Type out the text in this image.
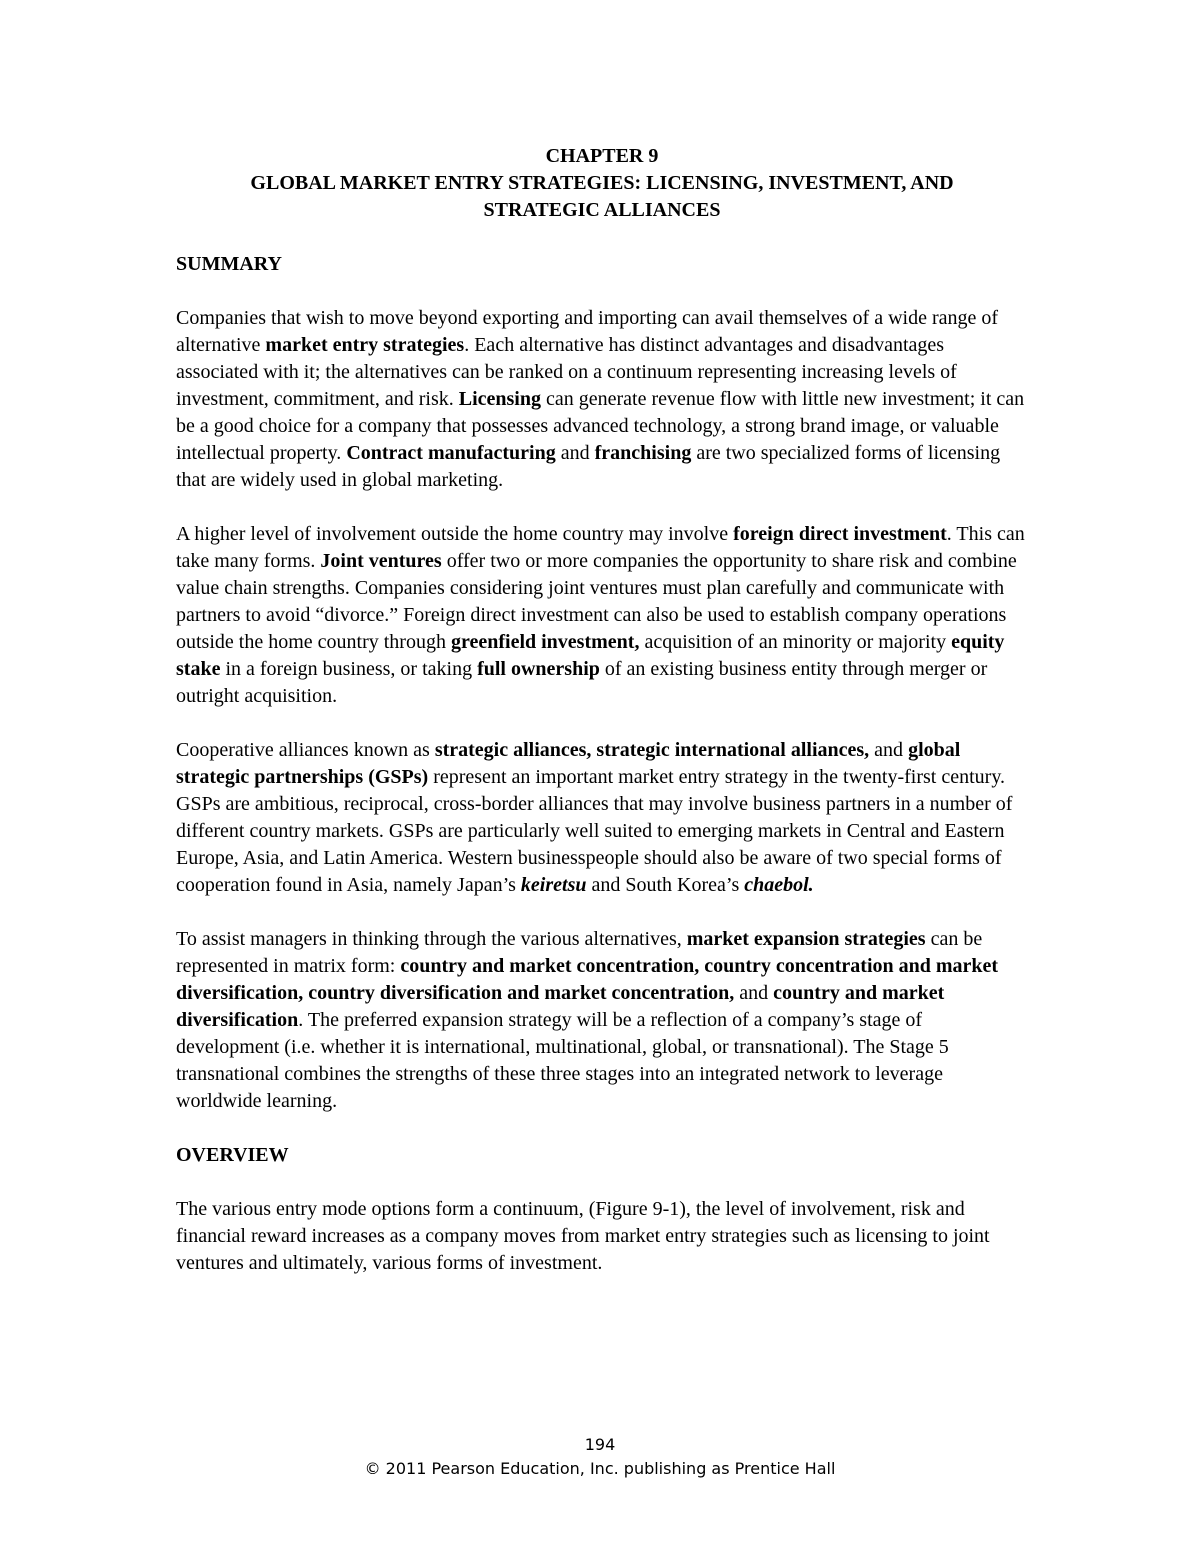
CHAPTER 9
GLOBAL MARKET ENTRY STRATEGIES: LICENSING, INVESTMENT, AND
STRATEGIC ALLIANCES
SUMMARY

Companies that wish to move beyond exporting and importing can avail themselves of a wide range of alternative market entry strategies. Each alternative has distinct advantages and disadvantages associated with it; the alternatives can be ranked on a continuum representing increasing levels of investment, commitment, and risk. Licensing can generate revenue flow with little new investment; it can be a good choice for a company that possesses advanced technology, a strong brand image, or valuable intellectual property. Contract manufacturing and franchising are two specialized forms of licensing that are widely used in global marketing.

A higher level of involvement outside the home country may involve foreign direct investment. This can take many forms. Joint ventures offer two or more companies the opportunity to share risk and combine value chain strengths. Companies considering joint ventures must plan carefully and communicate with partners to avoid “divorce.” Foreign direct investment can also be used to establish company operations outside the home country through greenfield investment, acquisition of an minority or majority equity stake in a foreign business, or taking full ownership of an existing business entity through merger or outright acquisition.

Cooperative alliances known as strategic alliances, strategic international alliances, and global strategic partnerships (GSPs) represent an important market entry strategy in the twenty-first century. GSPs are ambitious, reciprocal, cross-border alliances that may involve business partners in a number of different country markets. GSPs are particularly well suited to emerging markets in Central and Eastern Europe, Asia, and Latin America. Western businesspeople should also be aware of two special forms of cooperation found in Asia, namely Japan’s keiretsu and South Korea’s chaebol.

To assist managers in thinking through the various alternatives, market expansion strategies can be represented in matrix form: country and market concentration, country concentration and market diversification, country diversification and market concentration, and country and market diversification. The preferred expansion strategy will be a reflection of a company’s stage of development (i.e. whether it is international, multinational, global, or transnational). The Stage 5 transnational combines the strengths of these three stages into an integrated network to leverage worldwide learning.

OVERVIEW

The various entry mode options form a continuum, (Figure 9-1), the level of involvement, risk and financial reward increases as a company moves from market entry strategies such as licensing to joint ventures and ultimately, various forms of investment.

194
© 2011 Pearson Education, Inc. publishing as Prentice Hall
